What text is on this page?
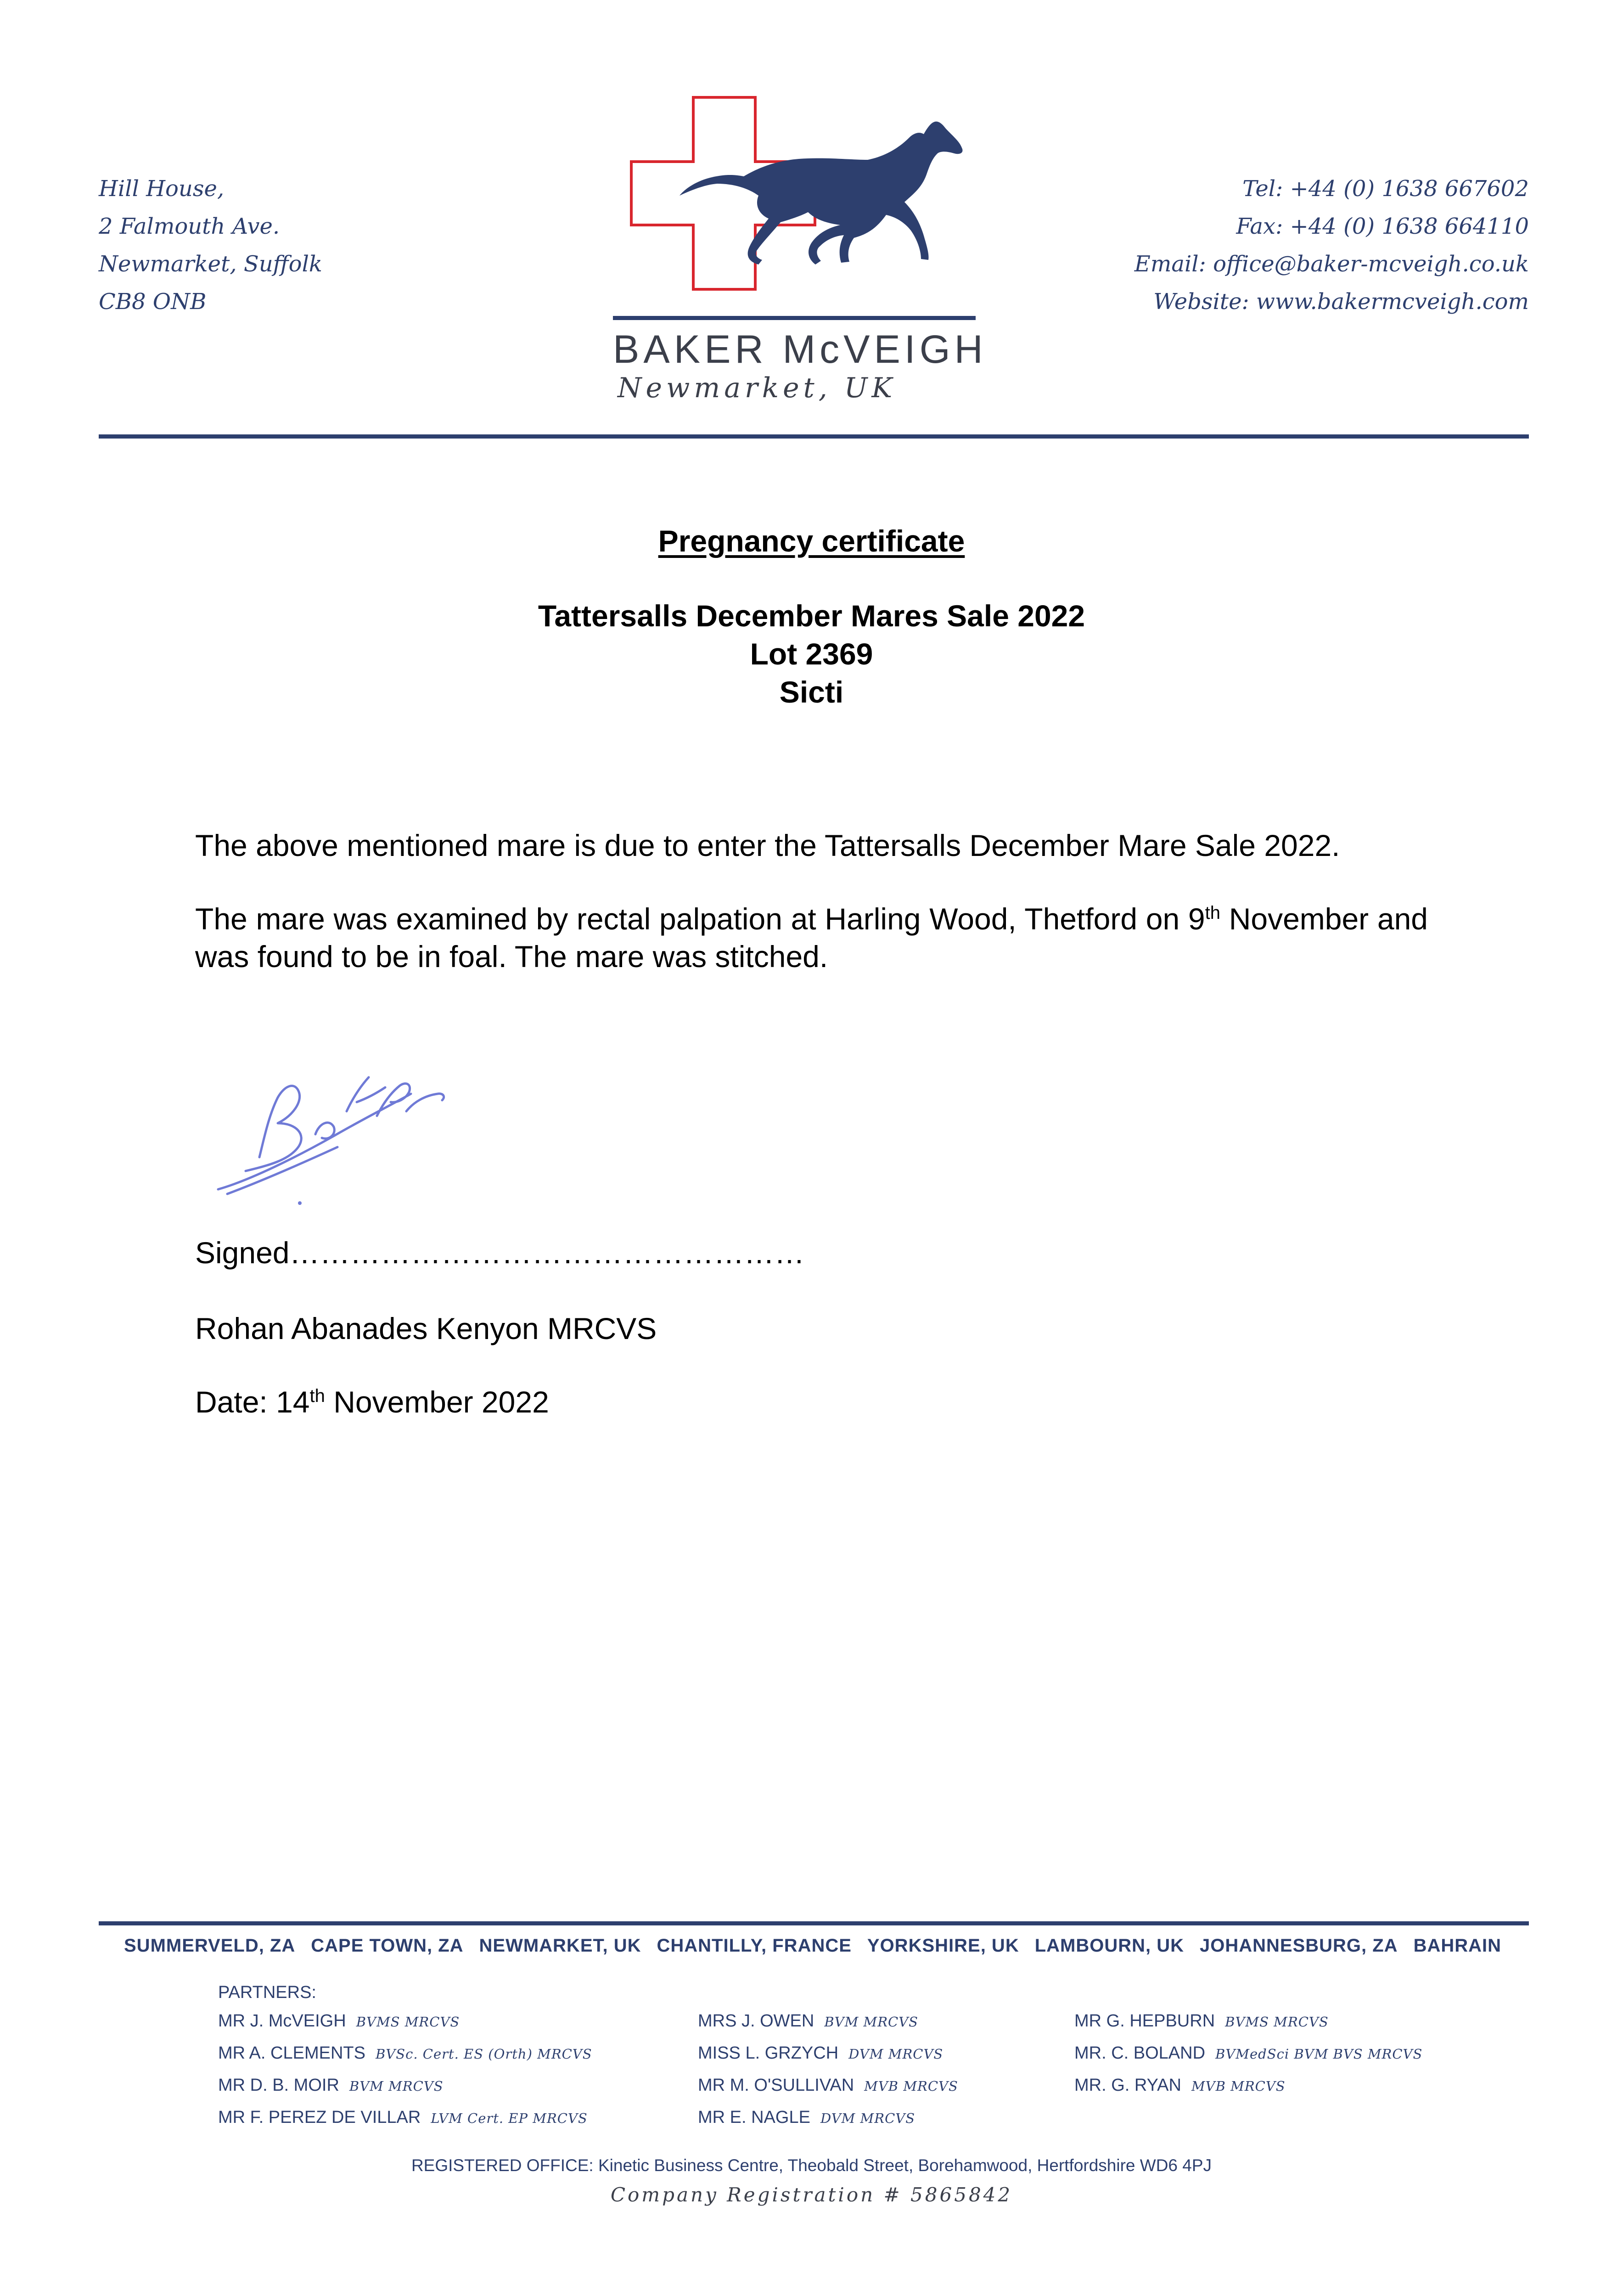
Hill House,
2 Falmouth Ave.
Newmarket, Suffolk
CB8 ONB
Tel: +44 (0) 1638 667602
Fax: +44 (0) 1638 664110
Email: office@baker-mcveigh.co.uk
Website: www.bakermcveigh.com
BAKER McVEIGH
Newmarket, UK
Pregnancy certificate
Tattersalls December Mares Sale 2022
Lot 2369
Sicti
The above mentioned mare is due to enter the Tattersalls December Mare Sale 2022.
The mare was examined by rectal palpation at Harling Wood, Thetford on 9th November and was found to be in foal. The mare was stitched.
Signed……………………………………………
Rohan Abanades Kenyon MRCVS
Date: 14th November 2022
SUMMERVELD, ZA CAPE TOWN, ZA NEWMARKET, UK CHANTILLY, FRANCE YORKSHIRE, UK LAMBOURN, UK JOHANNESBURG, ZA BAHRAIN
PARTNERS:
MR J. McVEIGH BVMS MRCVS
MR A. CLEMENTS BVSc. Cert. ES (Orth) MRCVS
MR D. B. MOIR BVM MRCVS
MR F. PEREZ DE VILLAR LVM Cert. EP MRCVS
MRS J. OWEN BVM MRCVS
MISS L. GRZYCH DVM MRCVS
MR M. O'SULLIVAN MVB MRCVS
MR E. NAGLE DVM MRCVS
MR G. HEPBURN BVMS MRCVS
MR. C. BOLAND BVMedSci BVM BVS MRCVS
MR. G. RYAN MVB MRCVS
REGISTERED OFFICE: Kinetic Business Centre, Theobald Street, Borehamwood, Hertfordshire WD6 4PJ
Company Registration # 5865842
